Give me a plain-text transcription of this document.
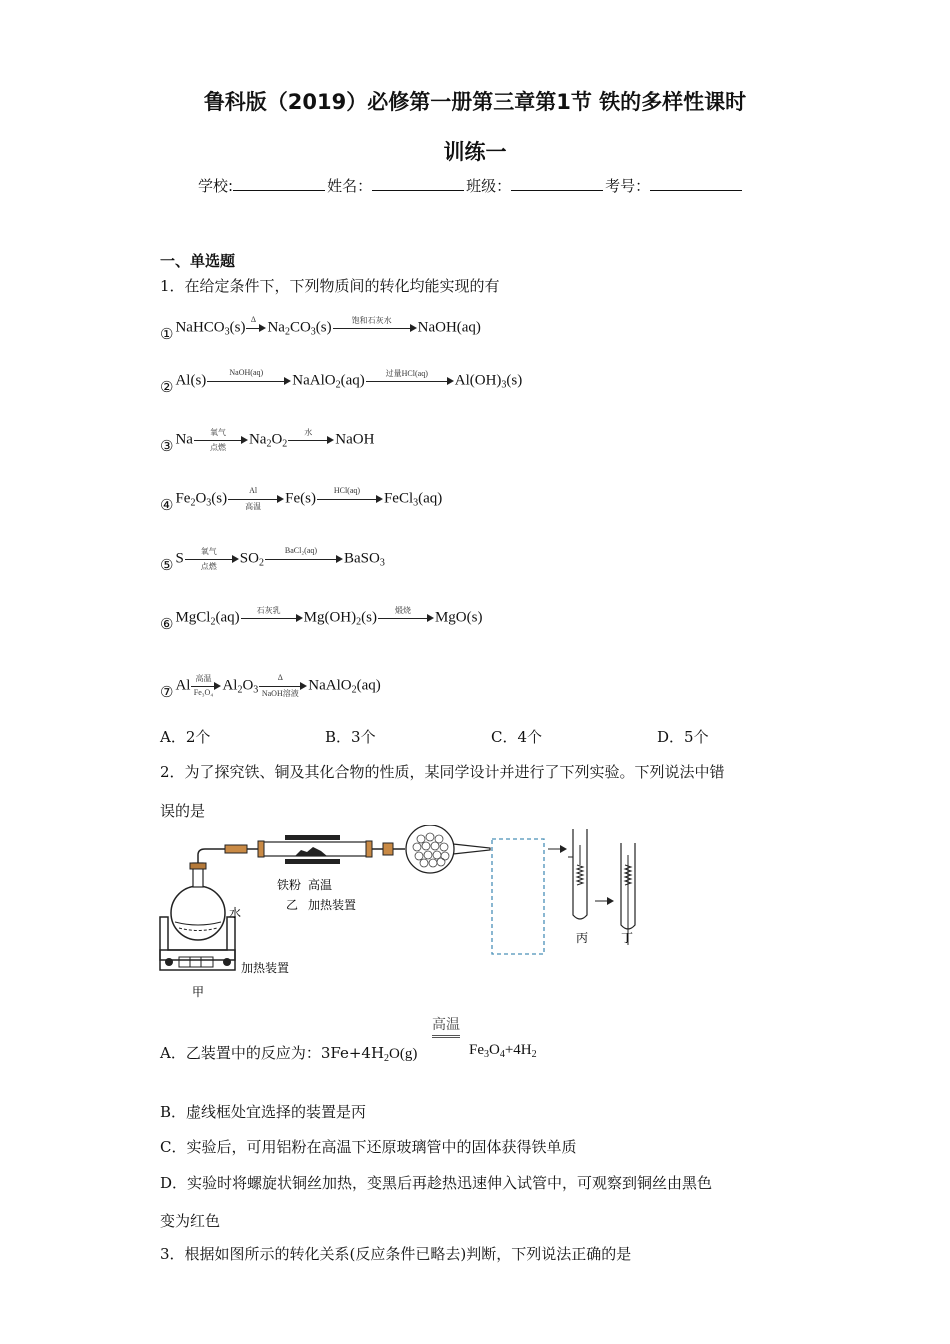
鲁科版（2019）必修第一册第三章第1节 铁的多样性课时
训练一
学校:	姓名：	班级：	考号：
一、单选题
1．在给定条件下，下列物质间的转化均能实现的有
① NaHCO$_3$(s) Δ $Na_2CO_3(s)$	饱和石灰水	NaOH(aq)
② Al(s)	NaOH(aq)	NaAlO$_2$(aq)	过量HCl(aq)	$Al(OH)_3(s)$
③ Na	氧气
点燃
$Na_2O_2$
水	NaOH
④ $Fe_2O_3(s)$	Al
高温
Fe(s)	HCl(aq)	FeCl$_3$(aq)
⑤ S	氧气
点燃
$SO_2$
BaCl₂(aq)	BaSO$_3$
⑥ MgCl$_2$(aq)	石灰乳	$Mg(OH)_2(s)$	煅烧	MgO(s)
⑦ Al 高温
Fe₃O₄ $Al_2O_3$
Δ
NaOH溶液
NaAlO$_2$(aq)
A．2个	B．3个	C．4个	D．5个
2．为了探究铁、铜及其化合物的性质，某同学设计并进行了下列实验。下列说法中错
误的是
水
铁粉 高温
乙 加热装置
加热装置
甲
丙	丁
高温
A．乙装置中的反应为：$3Fe+4H_2O(g)$	$Fe_3O_4+4H_2$
B．虚线框处宜选择的装置是丙
C．实验后，可用铝粉在高温下还原玻璃管中的固体获得铁单质
D．实验时将螺旋状铜丝加热，变黑后再趁热迅速伸入试管中，可观察到铜丝由黑色
变为红色
3．根据如图所示的转化关系(反应条件已略去)判断，下列说法正确的是
